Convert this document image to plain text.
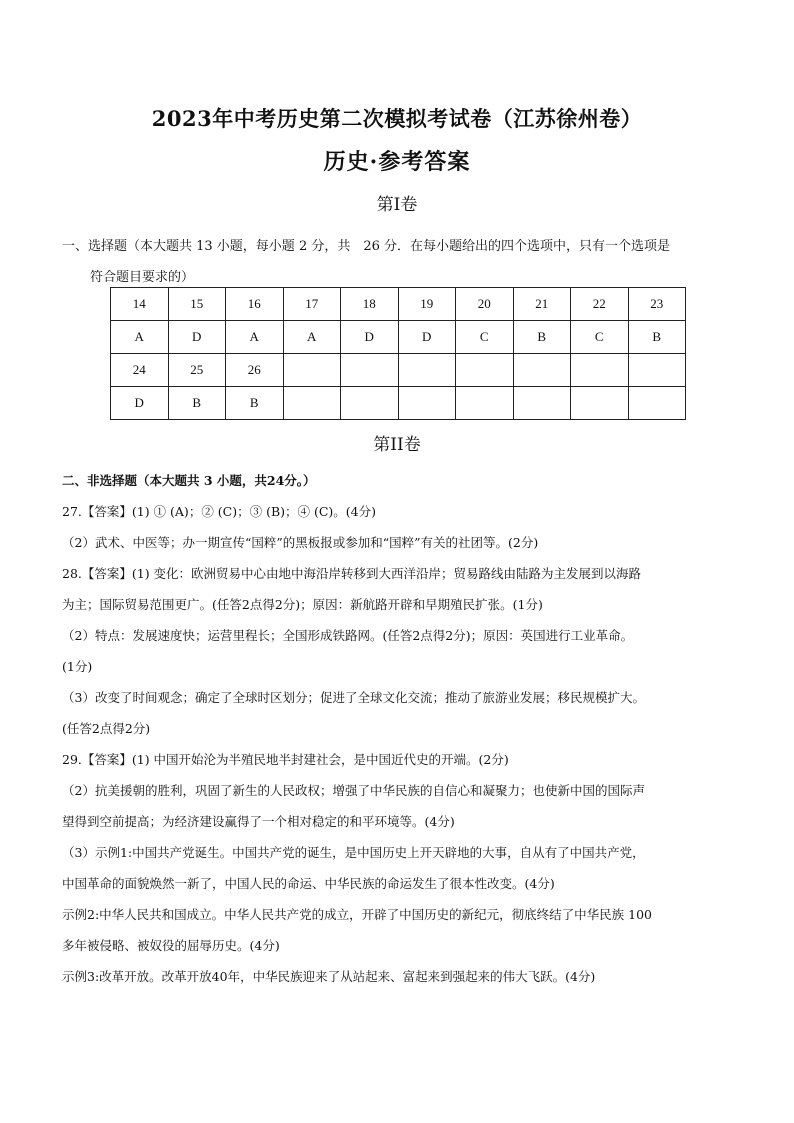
2023年中考历史第二次模拟考试卷（江苏徐州卷）
历史·参考答案
第Ⅰ卷
一、选择题（本大题共 13 小题，每小题 2 分，共　26 分．在每小题给出的四个选项中，只有一个选项是
符合题目要求的）
14	15	16	17	18	19	20	21	22	23
A	D	A	A	D	D	C	B	C	B
24	25	26							
D	B	B							
第II卷

二、非选择题（本大题共 3 小题，共24分。）

27.【答案】(1) ① (A)；② (C)；③ (B)；④ (C)。(4分)

（2）武术、中医等；办一期宣传“国粹”的黑板报或参加和“国粹”有关的社团等。(2分)

28.【答案】(1) 变化：欧洲贸易中心由地中海沿岸转移到大西洋沿岸；贸易路线由陆路为主发展到以海路

为主；国际贸易范围更广。(任答2点得2分)；原因：新航路开辟和早期殖民扩张。(1分)

（2）特点：发展速度快；运营里程长；全国形成铁路网。(任答2点得2分)；原因：英国进行工业革命。

(1分)

（3）改变了时间观念；确定了全球时区划分；促进了全球文化交流；推动了旅游业发展；移民规模扩大。

(任答2点得2分)

29.【答案】(1) 中国开始沦为半殖民地半封建社会，是中国近代史的开端。(2分)

（2）抗美援朝的胜利，巩固了新生的人民政权；增强了中华民族的自信心和凝聚力；也使新中国的国际声

望得到空前提高；为经济建设赢得了一个相对稳定的和平环境等。(4分)

（3）示例1:中国共产党诞生。中国共产党的诞生，是中国历史上开天辟地的大事，自从有了中国共产党，

中国革命的面貌焕然一新了，中国人民的命运、中华民族的命运发生了很本性改变。(4分)

示例2:中华人民共和国成立。中华人民共产党的成立，开辟了中国历史的新纪元，彻底终结了中华民族 100

多年被侵略、被奴役的屈辱历史。(4分)

示例3:改革开放。改革开放40年，中华民族迎来了从站起来、富起来到强起来的伟大飞跃。(4分)
